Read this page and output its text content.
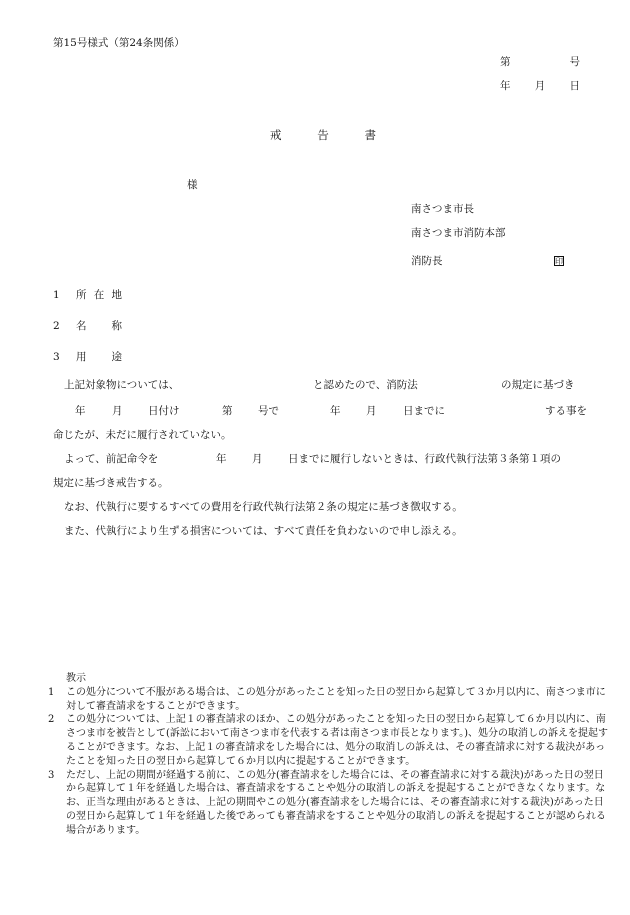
第15号様式（第24条関係）
第	号
年 月 日
戒	告	書
様
南さつま市長
南さつま市消防本部
消防長	印
1 所 在 地
2 名 称
3 用 途
上記対象物については、	と認めたので、消防法	の規定に基づき
年	月 日付け	第 号で	年 月	日までに	する事を
命じたが、未だに履行されていない。
よって、前記命令を	年 月 日までに履行しないときは、行政代執行法第３条第１項の
規定に基づき戒告する。
なお、代執行に要するすべての費用を行政代執行法第２条の規定に基づき徴収する。
また、代執行により生ずる損害については、すべて責任を負わないので申し添える。

教示

1 この処分について不服がある場合は、この処分があったことを知った日の翌日から起算して３か月以内に、南さつま市に対して審査請求をすることができます。

2 この処分については、上記１の審査請求のほか、この処分があったことを知った日の翌日から起算して６か月以内に、南さつま市を被告として(訴訟において南さつま市を代表する者は南さつま市長となります。)、処分の取消しの訴えを提起することができます。なお、上記１の審査請求をした場合には、処分の取消しの訴えは、その審査請求に対する裁決があったことを知った日の翌日から起算して６か月以内に提起することができます。

3 ただし、上記の期間が経過する前に、この処分(審査請求をした場合には、その審査請求に対する裁決)があった日の翌日から起算して１年を経過した場合は、審査請求をすることや処分の取消しの訴えを提起することができなくなります。なお、正当な理由があるときは、上記の期間やこの処分(審査請求をした場合には、その審査請求に対する裁決)があった日の翌日から起算して１年を経過した後であっても審査請求をすることや処分の取消しの訴えを提起することが認められる場合があります。
